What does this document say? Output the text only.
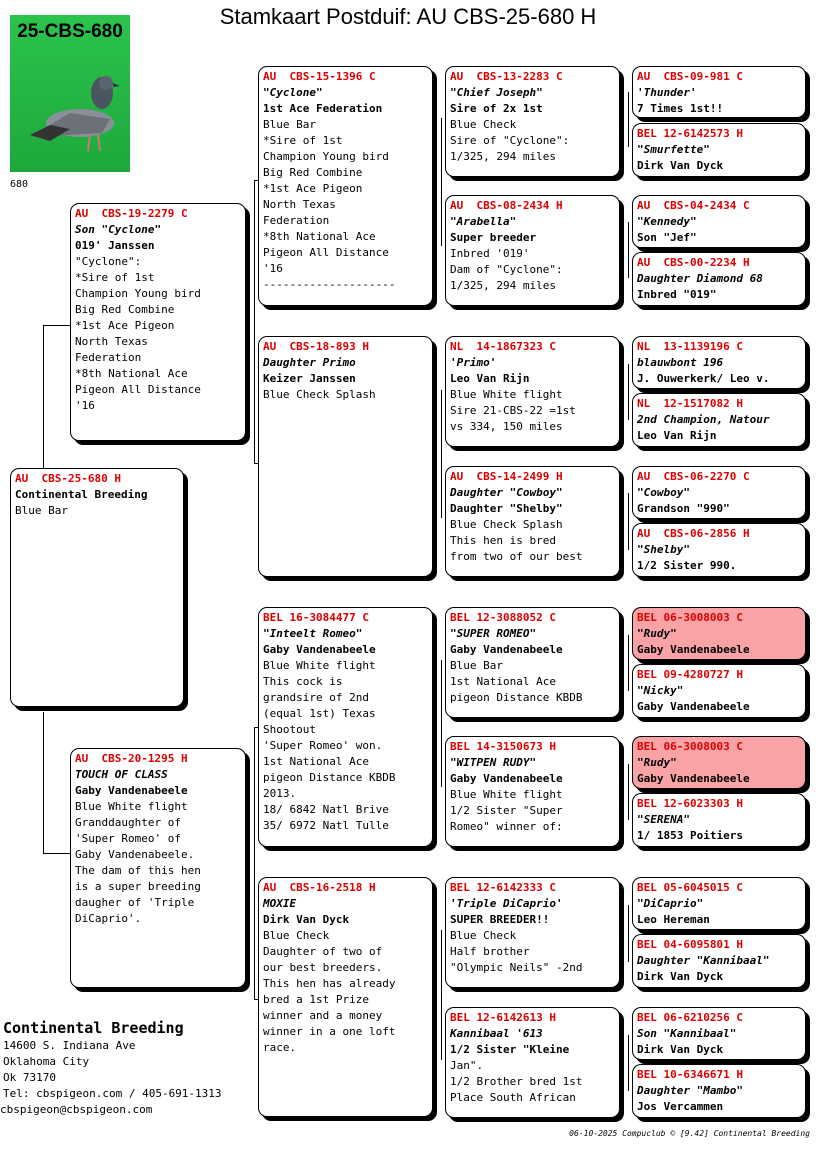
Stamkaart Postduif: AU CBS-25-680 H
25-CBS-680
680
AU  CBS-25-680 H
Continental Breeding
Blue Bar
AU  CBS-19-2279 C
Son "Cyclone"
019' Janssen
"Cyclone":
*Sire of 1st
Champion Young bird
Big Red Combine
*1st Ace Pigeon
North Texas
Federation
*8th National Ace
Pigeon All Distance
'16
AU  CBS-20-1295 H
TOUCH OF CLASS
Gaby Vandenabeele
Blue White flight
Granddaughter of
'Super Romeo' of
Gaby Vandenabeele.
The dam of this hen
is a super breeding
daugher of 'Triple
DiCaprio'.
AU  CBS-15-1396 C
"Cyclone"
1st Ace Federation
Blue Bar
*Sire of 1st
Champion Young bird
Big Red Combine
*1st Ace Pigeon
North Texas
Federation
*8th National Ace
Pigeon All Distance
'16
--------------------
AU  CBS-18-893 H
Daughter Primo
Keizer Janssen
Blue Check Splash
BEL 16-3084477 C
"Inteelt Romeo"
Gaby Vandenabeele
Blue White flight
This cock is
grandsire of 2nd
(equal 1st) Texas
Shootout
'Super Romeo' won.
1st National Ace
pigeon Distance KBDB
2013.
18/ 6842 Natl Brive
35/ 6972 Natl Tulle
AU  CBS-16-2518 H
MOXIE
Dirk Van Dyck
Blue Check
Daughter of two of
our best breeders.
This hen has already
bred a 1st Prize
winner and a money
winner in a one loft
race.
AU  CBS-13-2283 C
"Chief Joseph"
Sire of 2x 1st
Blue Check
Sire of "Cyclone":
1/325, 294 miles
AU  CBS-08-2434 H
"Arabella"
Super breeder
Inbred '019'
Dam of "Cyclone":
1/325, 294 miles
NL  14-1867323 C
'Primo'
Leo Van Rijn
Blue White flight
Sire 21-CBS-22 =1st
vs 334, 150 miles
AU  CBS-14-2499 H
Daughter "Cowboy"
Daughter "Shelby"
Blue Check Splash
This hen is bred
from two of our best
BEL 12-3088052 C
"SUPER ROMEO"
Gaby Vandenabeele
Blue Bar
1st National Ace
pigeon Distance KBDB
BEL 14-3150673 H
"WITPEN RUDY"
Gaby Vandenabeele
Blue White flight
1/2 Sister "Super
Romeo" winner of:
BEL 12-6142333 C
'Triple DiCaprio'
SUPER BREEDER!!
Blue Check
Half brother
"Olympic Neils" -2nd
BEL 12-6142613 H
Kannibaal '613
1/2 Sister "Kleine
Jan".
1/2 Brother bred 1st
Place South African
AU  CBS-09-981 C
'Thunder'
7 Times 1st!!
BEL 12-6142573 H
"Smurfette"
Dirk Van Dyck
AU  CBS-04-2434 C
"Kennedy"
Son "Jef"
AU  CBS-00-2234 H
Daughter Diamond 68
Inbred "019"
NL  13-1139196 C
blauwbont 196
J. Ouwerkerk/ Leo v.
NL  12-1517082 H
2nd Champion, Natour
Leo Van Rijn
AU  CBS-06-2270 C
"Cowboy"
Grandson "990"
AU  CBS-06-2856 H
"Shelby"
1/2 Sister 990.
BEL 06-3008003 C
"Rudy"
Gaby Vandenabeele
BEL 09-4280727 H
"Nicky"
Gaby Vandenabeele
BEL 06-3008003 C
"Rudy"
Gaby Vandenabeele
BEL 12-6023303 H
"SERENA"
1/ 1853 Poitiers
BEL 05-6045015 C
"DiCaprio"
Leo Hereman
BEL 04-6095801 H
Daughter "Kannibaal"
Dirk Van Dyck
BEL 06-6210256 C
Son "Kannibaal"
Dirk Van Dyck
BEL 10-6346671 H
Daughter "Mambo"
Jos Vercammen
Continental Breeding
14600 S. Indiana Ave
Oklahoma City
Ok 73170
Tel: cbspigeon.com / 405-691-1313
cbspigeon@cbspigeon.com
06-10-2025 Compuclub © [9.42] Continental Breeding
